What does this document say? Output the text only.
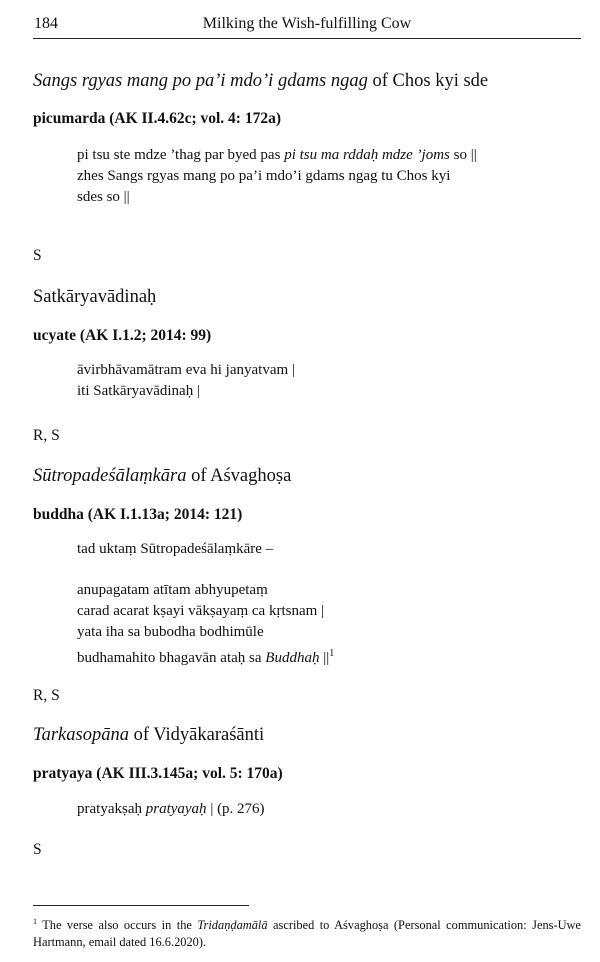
184	Milking the Wish-fulfilling Cow
Sangs rgyas mang po pa’i mdo’i gdams ngag of Chos kyi sde
picumarda (AK II.4.62c; vol. 4: 172a)
pi tsu ste mdze ’thag par byed pas pi tsu ma rddaḥ mdze ’joms so ||
zhes Sangs rgyas mang po pa’i mdo’i gdams ngag tu Chos kyi
sdes so ||
S
Satkāryavādinaḥ
ucyate (AK I.1.2; 2014: 99)
āvirbhāvamātram eva hi janyatvam |
iti Satkāryavādinaḥ |
R, S
Sūtropadeśālaṃkāra of Aśvaghoṣa
buddha (AK I.1.13a; 2014: 121)
tad uktaṃ Sūtropadeśālaṃkāre –
anupagatam atītam abhyupetaṃ
carad acarat kṣayi vākṣayaṃ ca kṛtsnam |
yata iha sa bubodha bodhimūle
budhamahito bhagavān ataḥ sa Buddhaḥ $||^1$
R, S
Tarkasopāna of Vidyākaraśānti
pratyaya (AK III.3.145a; vol. 5: 170a)
pratyakṣaḥ pratyayaḥ | (p. 276)
S
$^1$ The verse also occurs in the Tridaṇḍamālā ascribed to Aśvaghoṣa (Personal communication: Jens-Uwe Hartmann, email dated 16.6.2020).
